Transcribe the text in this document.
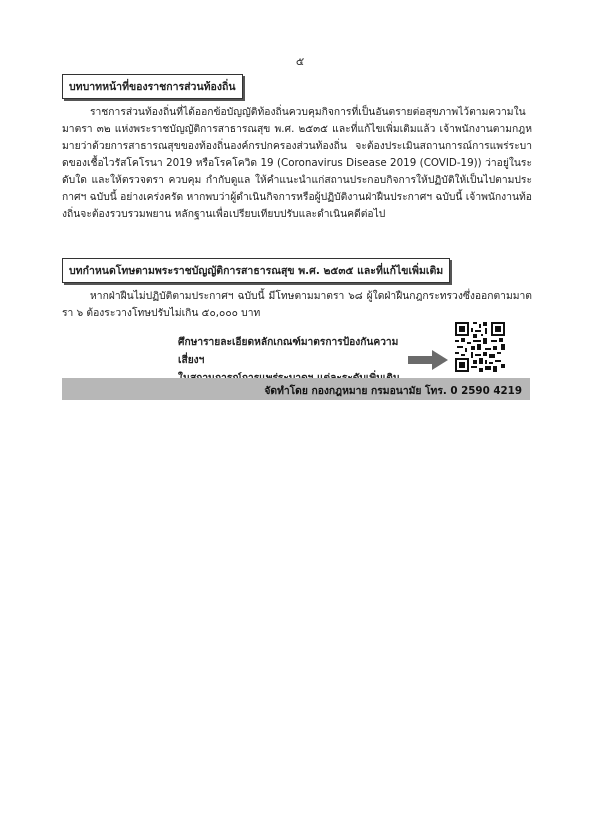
๕
บทบาทหน้าที่ของราชการส่วนท้องถิ่น
ราชการส่วนท้องถิ่นที่ได้ออกข้อบัญญัติท้องถิ่นควบคุมกิจการที่เป็นอันตรายต่อสุขภาพไว้ตามความในมาตรา ๓๒ แห่งพระราชบัญญัติการสาธารณสุข พ.ศ. ๒๕๓๕ และที่แก้ไขเพิ่มเติมแล้ว เจ้าพนักงานตามกฎหมายว่าด้วยการสาธารณสุขของท้องถิ่นองค์กรปกครองส่วนท้องถิ่น จะต้องประเมินสถานการณ์การแพร่ระบาดของเชื้อไวรัสโคโรนา 2019 หรือโรคโควิด 19 (Coronavirus Disease 2019 (COVID-19)) ว่าอยู่ในระดับใด และให้ตรวจตรา ควบคุม กำกับดูแล ให้คำแนะนำแก่สถานประกอบกิจการให้ปฏิบัติให้เป็นไปตามประกาศฯ ฉบับนี้ อย่างเคร่งครัด หากพบว่าผู้ดำเนินกิจการหรือผู้ปฏิบัติงานฝ่าฝืนประกาศฯ ฉบับนี้ เจ้าพนักงานท้องถิ่นจะต้องรวบรวมพยาน หลักฐานเพื่อเปรียบเทียบปรับและดำเนินคดีต่อไป
บทกำหนดโทษตามพระราชบัญญัติการสาธารณสุข พ.ศ. ๒๕๓๕ และที่แก้ไขเพิ่มเติม
หากฝ่าฝืนไม่ปฏิบัติตามประกาศฯ ฉบับนี้ มีโทษตามมาตรา ๖๘ ผู้ใดฝ่าฝืนกฎกระทรวงซึ่งออกตามมาตรา ๖ ต้องระวางโทษปรับไม่เกิน ๕๐,๐๐๐ บาท
ศึกษารายละเอียดหลักเกณฑ์มาตรการป้องกันความเสี่ยงฯ
จัดทำโดย กองกฎหมาย กรมอนามัย โทร. 0 2590 4219
